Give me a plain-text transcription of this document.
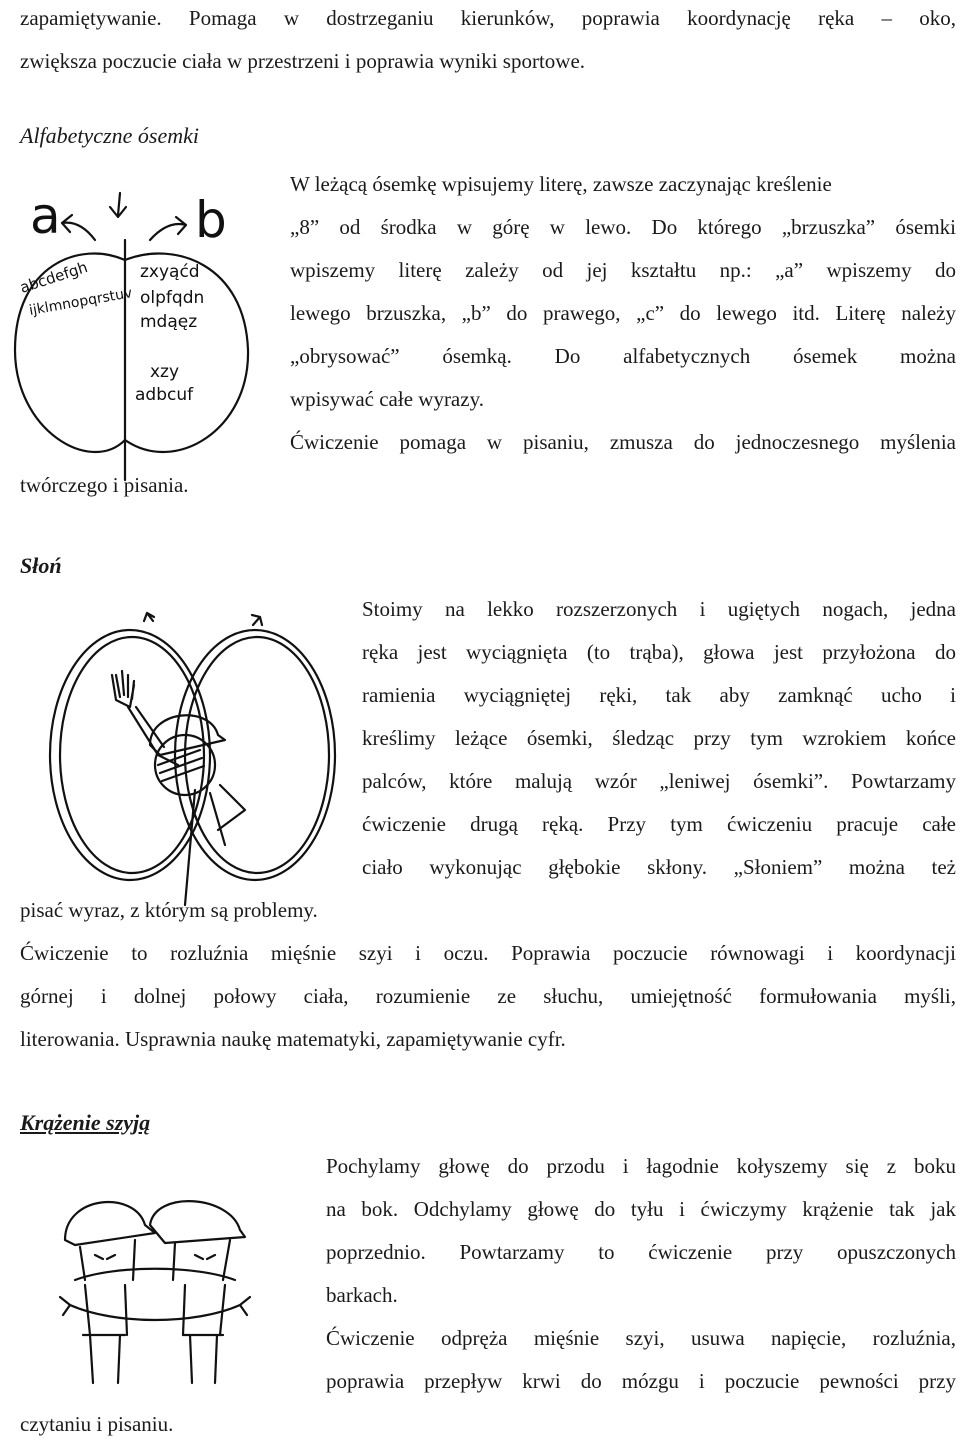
zapamiętywanie. Pomaga w dostrzeganiu kierunków, poprawia koordynację ręka – oko,

zwiększa poczucie ciała w przestrzeni i poprawia wyniki sportowe.

Alfabetyczne ósemki

a	b
abcdefgh
ijklmnopqrstuv
zxyąćd
olpfqdn
mdąęz
xzy
adbcuf

W leżącą ósemkę wpisujemy literę, zawsze zaczynając kreślenie

„8” od środka w górę w lewo. Do którego „brzuszka” ósemki

wpiszemy literę zależy od jej kształtu np.: „a” wpiszemy do

lewego brzuszka, „b” do prawego, „c” do lewego itd. Literę należy

„obrysować” ósemką. Do alfabetycznych ósemek można

wpisywać całe wyrazy.

Ćwiczenie pomaga w pisaniu, zmusza do jednoczesnego myślenia

twórczego i pisania.

Słoń

Stoimy na lekko rozszerzonych i ugiętych nogach, jedna

ręka jest wyciągnięta (to trąba), głowa jest przyłożona do

ramienia wyciągniętej ręki, tak aby zamknąć ucho i

kreślimy leżące ósemki, śledząc przy tym wzrokiem końce

palców, które malują wzór „leniwej ósemki”. Powtarzamy

ćwiczenie drugą ręką. Przy tym ćwiczeniu pracuje całe

ciało wykonując głębokie skłony. „Słoniem” można też

pisać wyraz, z którym są problemy.

Ćwiczenie to rozluźnia mięśnie szyi i oczu. Poprawia poczucie równowagi i koordynacji

górnej i dolnej połowy ciała, rozumienie ze słuchu, umiejętność formułowania myśli,

literowania. Usprawnia naukę matematyki, zapamiętywanie cyfr.

Krążenie szyją

Pochylamy głowę do przodu i łagodnie kołyszemy się z boku

na bok. Odchylamy głowę do tyłu i ćwiczymy krążenie tak jak

poprzednio. Powtarzamy to ćwiczenie przy opuszczonych

barkach.

Ćwiczenie odpręża mięśnie szyi, usuwa napięcie, rozluźnia,

poprawia przepływ krwi do mózgu i poczucie pewności przy

czytaniu i pisaniu.
